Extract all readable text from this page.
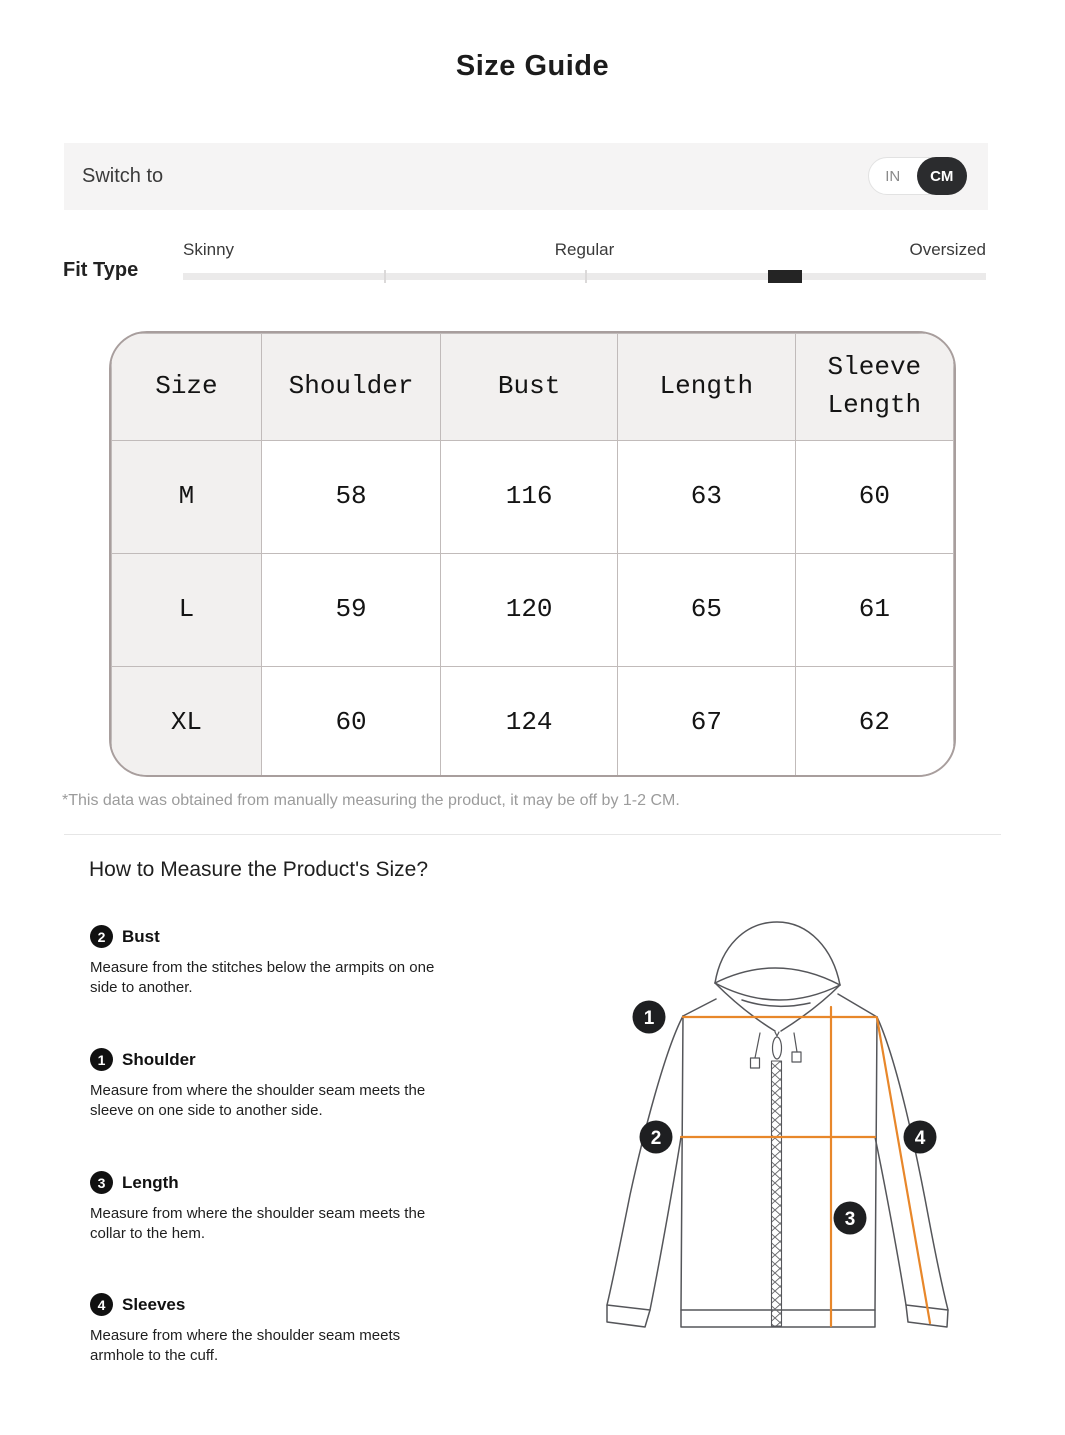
Size Guide
Switch to	IN	CM
Fit Type
Skinny	Regular	Oversized
Size	Shoulder	Bust	Length	Sleeve Length
M	58	116	63	60
L	59	120	65	61
XL	60	124	67	62
*This data was obtained from manually measuring the product, it may be off by 1-2 CM.
How to Measure the Product's Size?
2 Bust
Measure from the stitches below the armpits on one side to another.
1 Shoulder
Measure from where the shoulder seam meets the sleeve on one side to another side.
3 Length
Measure from where the shoulder seam meets the collar to the hem.
4 Sleeves
Measure from where the shoulder seam meets armhole to the cuff.
1
2
3
4
